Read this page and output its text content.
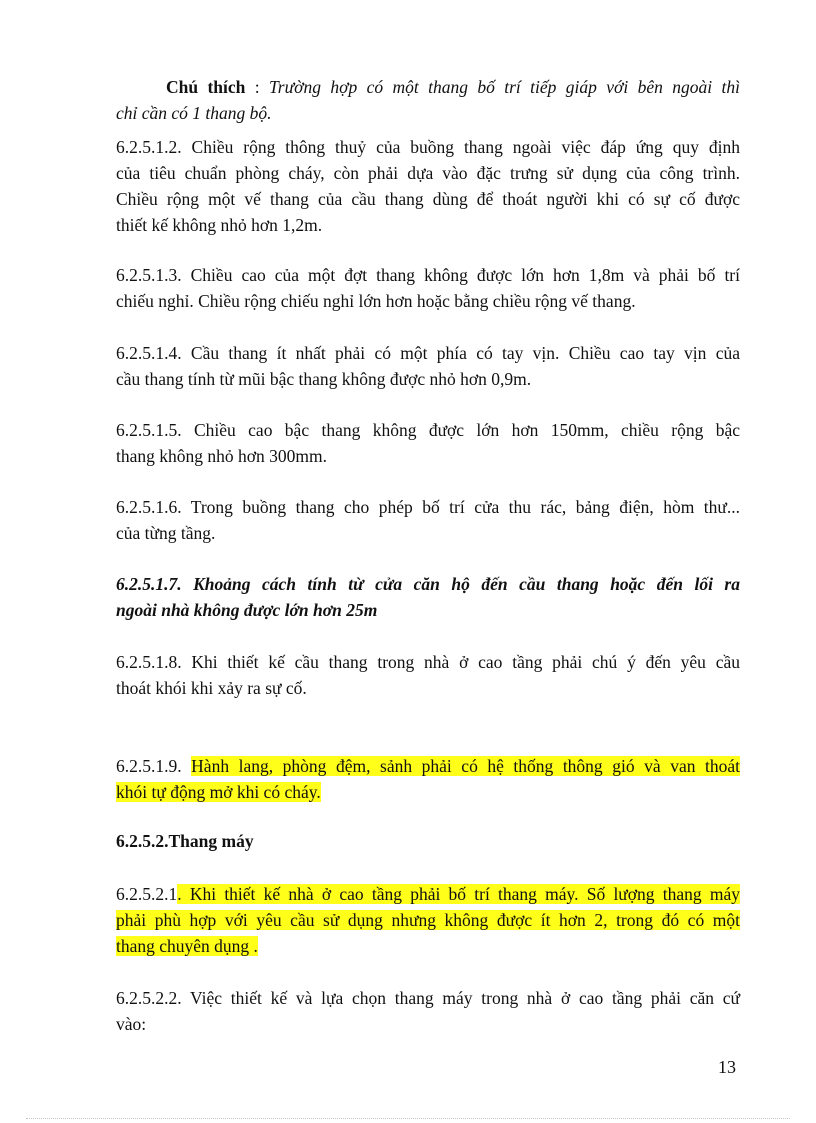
Chú thích : Trường hợp có một thang bố trí tiếp giáp với bên ngoài thì
chỉ cần có 1 thang bộ.

6.2.5.1.2. Chiều rộng thông thuỷ của buồng thang ngoài việc đáp ứng quy định
của tiêu chuẩn phòng cháy, còn phải dựa vào đặc trưng sử dụng của công trình.
Chiều rộng một vế thang của cầu thang dùng để thoát người khi có sự cố được
thiết kế không nhỏ hơn 1,2m.

6.2.5.1.3. Chiều cao của một đợt thang không được lớn hơn 1,8m và phải bố trí
chiếu nghỉ. Chiều rộng chiếu nghỉ lớn hơn hoặc bằng chiều rộng vế thang.

6.2.5.1.4. Cầu thang ít nhất phải có một phía có tay vịn. Chiều cao tay vịn của
cầu thang tính từ mũi bậc thang không được nhỏ hơn 0,9m.

6.2.5.1.5. Chiều cao bậc thang không được lớn hơn 150mm, chiều rộng bậc
thang không nhỏ hơn 300mm.

6.2.5.1.6. Trong buồng thang cho phép bố trí cửa thu rác, bảng điện, hòm thư...
của từng tầng.

6.2.5.1.7. Khoảng cách tính từ cửa căn hộ đến cầu thang hoặc đến lối ra
ngoài nhà không được lớn hơn 25m

6.2.5.1.8. Khi thiết kế cầu thang trong nhà ở cao tầng phải chú ý đến yêu cầu
thoát khói khi xảy ra sự cố.

6.2.5.1.9. Hành lang, phòng đệm, sảnh phải có hệ thống thông gió và van thoát
khói tự động mở khi có cháy.

6.2.5.2.Thang máy

6.2.5.2.1. Khi thiết kế nhà ở cao tầng phải bố trí thang máy. Số lượng thang máy
phải phù hợp với yêu cầu sử dụng nhưng không được ít hơn 2, trong đó có một
thang chuyên dụng .

6.2.5.2.2. Việc thiết kế và lựa chọn thang máy trong nhà ở cao tầng phải căn cứ
vào:

13
